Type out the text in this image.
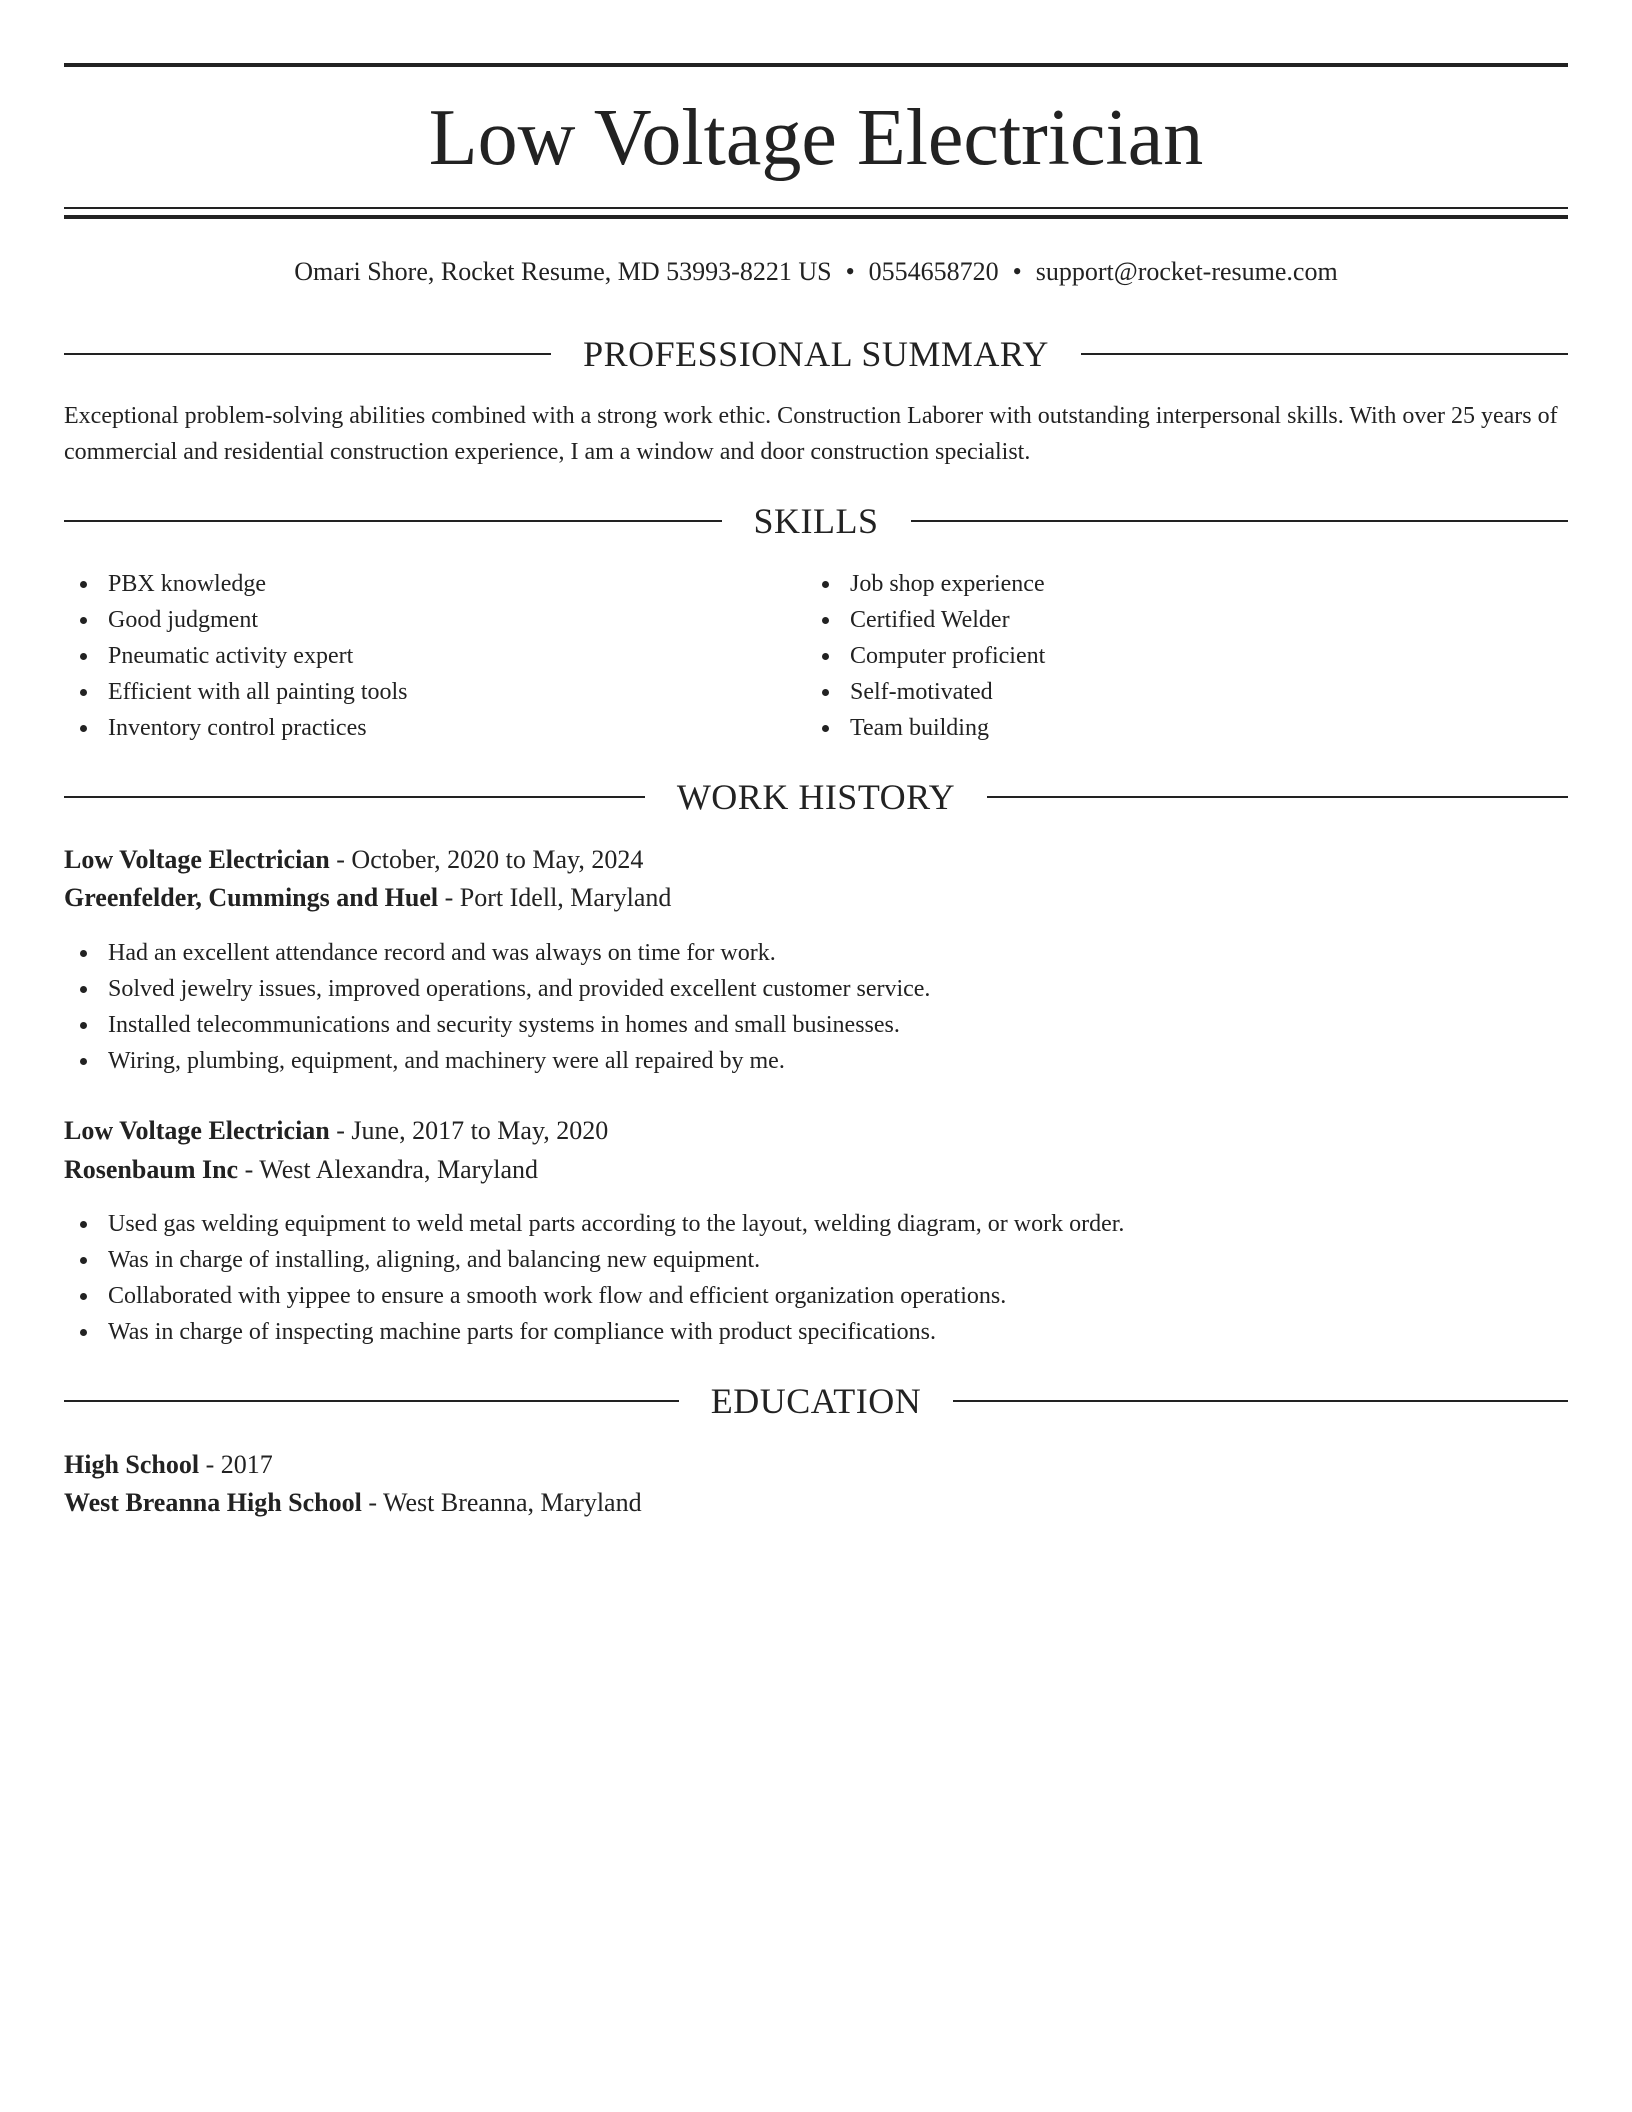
Low Voltage Electrician
Omari Shore, Rocket Resume, MD 53993-8221 US • 0554658720 • support@rocket-resume.com
PROFESSIONAL SUMMARY
Exceptional problem-solving abilities combined with a strong work ethic. Construction Laborer with outstanding interpersonal skills. With over 25 years of commercial and residential construction experience, I am a window and door construction specialist.
SKILLS
PBX knowledge
Good judgment
Pneumatic activity expert
Efficient with all painting tools
Inventory control practices
Job shop experience
Certified Welder
Computer proficient
Self-motivated
Team building
WORK HISTORY
Low Voltage Electrician - October, 2020 to May, 2024
Greenfelder, Cummings and Huel - Port Idell, Maryland
Had an excellent attendance record and was always on time for work.
Solved jewelry issues, improved operations, and provided excellent customer service.
Installed telecommunications and security systems in homes and small businesses.
Wiring, plumbing, equipment, and machinery were all repaired by me.
Low Voltage Electrician - June, 2017 to May, 2020
Rosenbaum Inc - West Alexandra, Maryland
Used gas welding equipment to weld metal parts according to the layout, welding diagram, or work order.
Was in charge of installing, aligning, and balancing new equipment.
Collaborated with yippee to ensure a smooth work flow and efficient organization operations.
Was in charge of inspecting machine parts for compliance with product specifications.
EDUCATION
High School - 2017
West Breanna High School - West Breanna, Maryland
